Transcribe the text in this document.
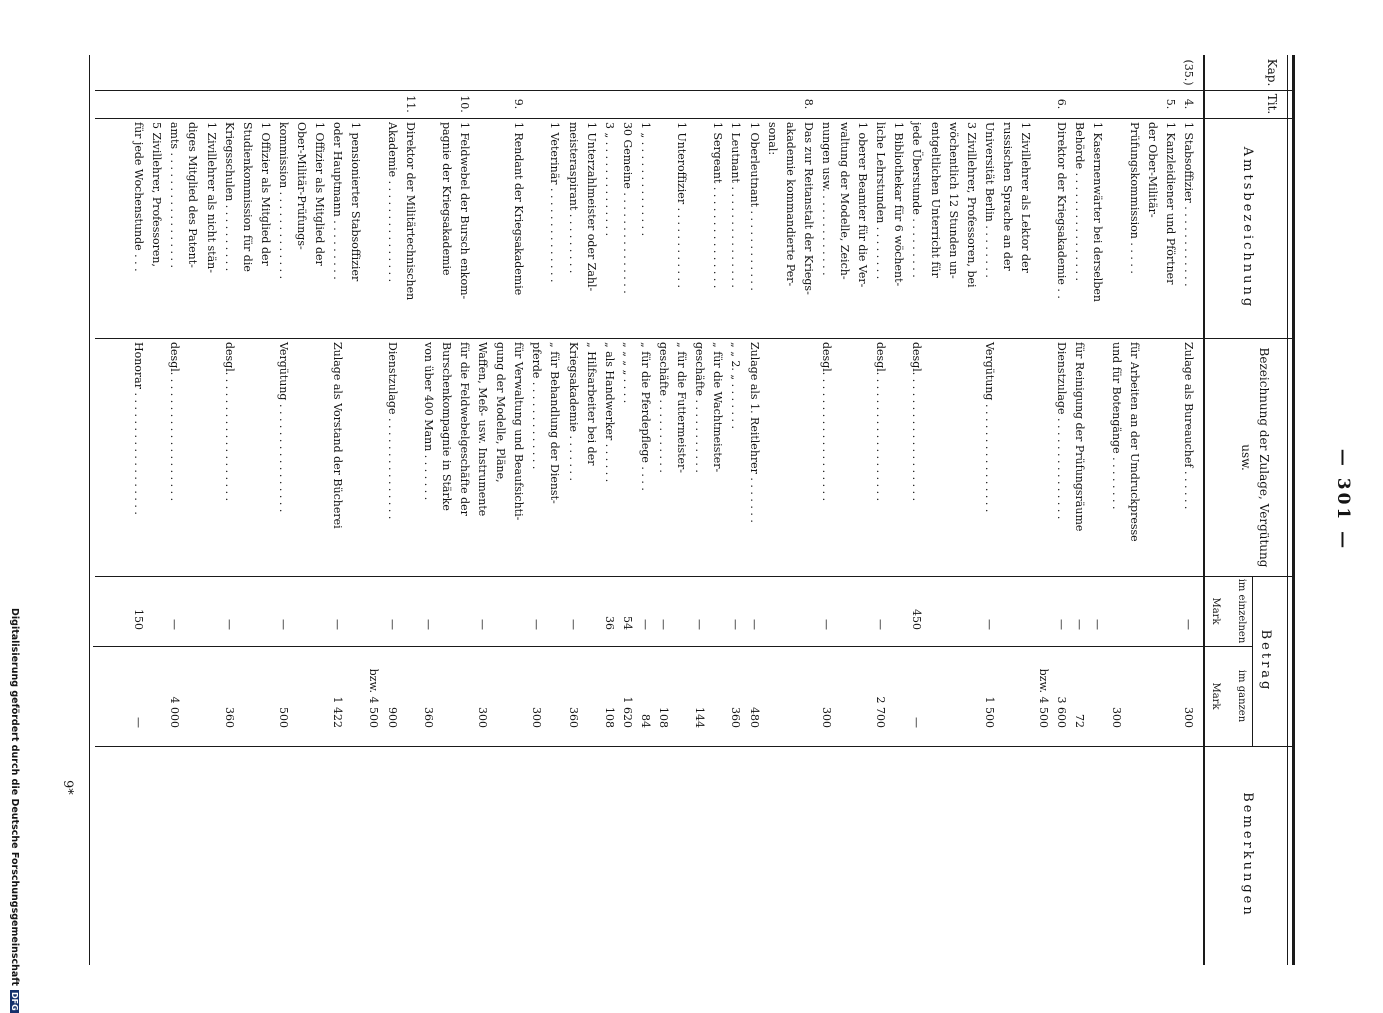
— 301 —
Kap.
Tit.
Amtsbezeichnung
Bezeichnung der Zulage, Vergütung usw.
Betrag
im einzelnen
im ganzen
Mark
Mark
Bemerkungen
(35.)
4.
1 Stabsoffizier . . . . . . . . . . . .
Zulage als Bureauchef . . . . . .
—
300
5.
1 Kanzleidiener und Pförtner
der Ober-Militär-
Prüfungskommission . . . . .
für Arbeiten an der Umdruckpresse
und für Botengänge . . . . . . . .
300
1 Kasernenwärter bei derselben
—
Behörde . . . . . . . . . . . . . . . .
für Reinigung der Prüfungsräume
—
72
6.
Direktor der Kriegsakademie . .
Dienstzulage . . . . . . . . . . . . . . .
—
3 600
bzw. 4 500
1 Zivillehrer als Lektor der
russischen Sprache an der
Universität Berlin . . . . . . . .
Vergütung . . . . . . . . . . . . . . . .
—
1 500
3 Zivillehrer, Professoren, bei
wöchentlich 12 Stunden un-
entgeltlichen Unterricht für
jede Überstunde . . . . . . . . .
desgl. . . . . . . . . . . . . . . . . . .
450
—
1 Bibliothekar für 6 wöchent-
liche Lehrstunden . . . . . . . .
desgl. . . . . . . . . . . . . . . . . . .
—
2 700
1 oberer Beamter für die Ver-
waltung der Modelle, Zeich-
nungen usw. . . . . . . . . . . . .
desgl. . . . . . . . . . . . . . . . . . .
—
300
8.
Das zur Reitanstalt der Kriegs-
akademie kommandierte Per-
sonal:
1 Oberleutnant . . . . . . . . . . . .
Zulage als 1. Reitlehrer . . . . . . .
—
480
1 Leutnant . . . . . . . . . . . . . . .
„ „ 2. „ . . . . . . .
—
360
1 Sergeant . . . . . . . . . . . . . . .
„ für die Wachtmeister-
geschäfte . . . . . . . . . . .
—
144
1 Unteroffizier . . . . . . . . . . . .
„ für die Futtermeister-
geschäfte . . . . . . . . . . .
—
108
1 „ . . . . . . . . . . . . . .
„ für die Pferdepflege . . . .
—
84
30 Gemeine . . . . . . . . . . . . . . .
„ „ „ „ . . . .
54
1 620
3 „ . . . . . . . . . . . . . .
„ als Handwerker . . . . . .
36
108
1 Unterzahlmeister oder Zahl-
„ Hilfsarbeiter bei der
meisteraspirant . . . . . . . . .
Kriegsakademie . . . . . . .
—
360
1 Veterinär . . . . . . . . . . . . . .
„ für Behandlung der Dienst-
pferde . . . . . . . . . . . . .
—
300
9.
1 Rendant der Kriegsakademie
für Verwaltung und Beaufsichti-
gung der Modelle, Pläne,
Waffen, Meß- usw. Instrumente
—
300
10.
1 Feldwebel der Bursch enkom-
für die Feldwebelgeschäfte der
pagnie der Kriegsakademie
Burschenkompagnie in Stärke
von über 400 Mann . . . . . . .
—
360
11.
Direktor der Militärtechnischen
Akademie . . . . . . . . . . . . . . .
Dienstzulage . . . . . . . . . . . . . . .
—
900
bzw. 4 500
1 pensionierter Stabsoffizier
oder Hauptmann . . . . . . . . .
Zulage als Vorstand der Bücherei
—
1 422
1 Offizier als Mitglied der
Ober-Militär-Prüfungs-
kommission . . . . . . . . . . . . .
Vergütung . . . . . . . . . . . . . . . .
—
500
1 Offizier als Mitglied der
Studienkommission für die
Kriegsschulen . . . . . . . . . .
desgl. . . . . . . . . . . . . . . . . . .
—
360
1 Zivillehrer als nicht stän-
diges Mitglied des Patent-
amts . . . . . . . . . . . . . . . . .
desgl. . . . . . . . . . . . . . . . . . .
—
4 000
5 Zivillehrer, Professoren,
für jede Wochenstunde . . .
Honorar . . . . . . . . . . . . . . . . . .
150
—
9*
Digitalisierung gefördert durch die Deutsche ForschungsgemeinschaftDFG
